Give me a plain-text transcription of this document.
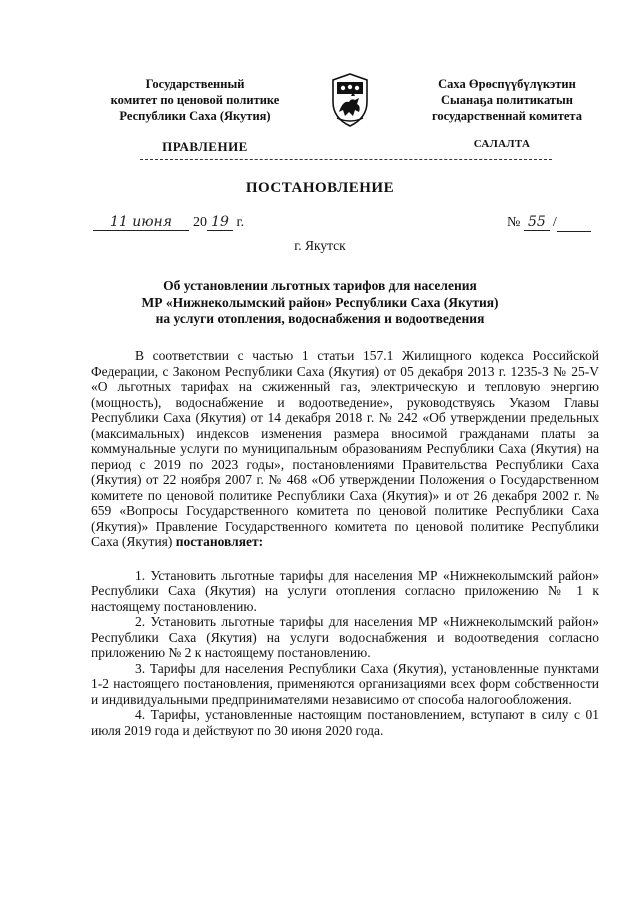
Государственный
комитет по ценовой политике
Республики Саха (Якутия)
Саха Өрөспүүбүлүкэтин
Сыанаҕа политикатын
государственнай комитета
ПРАВЛЕНИЕ	САЛАЛТА
ПОСТАНОВЛЕНИЕ
11 июня 20 19 г.	№ 55 /
г. Якутск
Об установлении льготных тарифов для населения
МР «Нижнеколымский район» Республики Саха (Якутия)
на услуги отопления, водоснабжения и водоотведения

В соответствии с частью 1 статьи 157.1 Жилищного кодекса Российской Федерации, с Законом Республики Саха (Якутия) от 05 декабря 2013 г. 1235-З № 25-V «О льготных тарифах на сжиженный газ, электрическую и тепловую энергию (мощность), водоснабжение и водоотведение», руководствуясь Указом Главы Республики Саха (Якутия) от 14 декабря 2018 г. № 242 «Об утверждении предельных (максимальных) индексов изменения размера вносимой гражданами платы за коммунальные услуги по муниципальным образованиям Республики Саха (Якутия) на период с 2019 по 2023 годы», постановлениями Правительства Республики Саха (Якутия) от 22 ноября 2007 г. № 468 «Об утверждении Положения о Государственном комитете по ценовой политике Республики Саха (Якутия)» и от 26 декабря 2002 г. № 659 «Вопросы Государственного комитета по ценовой политике Республики Саха (Якутия)» Правление Государственного комитета по ценовой политике Республики Саха (Якутия) постановляет:

1. Установить льготные тарифы для населения МР «Нижнеколымский район» Республики Саха (Якутия) на услуги отопления согласно приложению № 1 к настоящему постановлению.

2. Установить льготные тарифы для населения МР «Нижнеколымский район» Республики Саха (Якутия) на услуги водоснабжения и водоотведения согласно приложению № 2 к настоящему постановлению.

3. Тарифы для населения Республики Саха (Якутия), установленные пунктами 1-2 настоящего постановления, применяются организациями всех форм собственности и индивидуальными предпринимателями независимо от способа налогообложения.

4. Тарифы, установленные настоящим постановлением, вступают в силу с 01 июля 2019 года и действуют по 30 июня 2020 года.
